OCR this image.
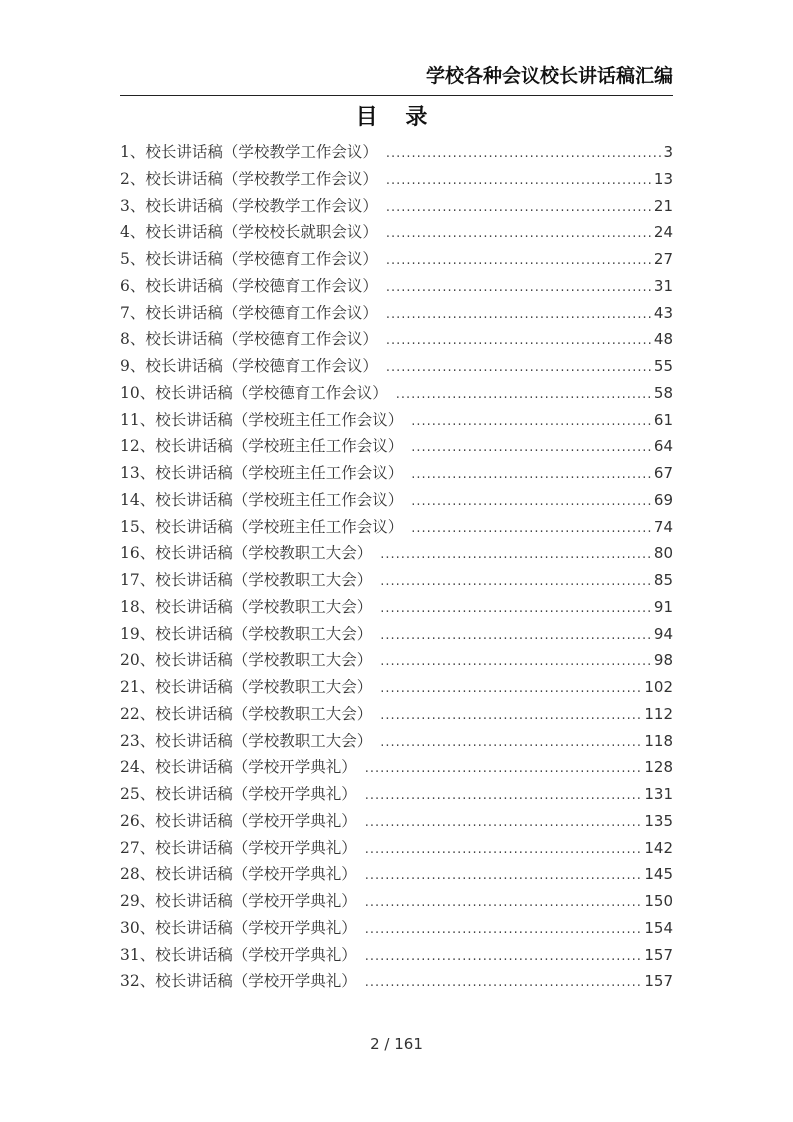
学校各种会议校长讲话稿汇编
目 录
1、 校长讲话稿（学校教学工作会议） .....	3
2、 校长讲话稿（学校教学工作会议） .....	13
3、 校长讲话稿（学校教学工作会议） .....	21
4、 校长讲话稿（学校校长就职会议） .....	24
5、 校长讲话稿（学校德育工作会议） .....	27
6、 校长讲话稿（学校德育工作会议） .....	31
7、 校长讲话稿（学校德育工作会议） .....	43
8、 校长讲话稿（学校德育工作会议） .....	48
9、 校长讲话稿（学校德育工作会议） .....	55
10、 校长讲话稿（学校德育工作会议） .....	58
11、 校长讲话稿（学校班主任工作会议） .....	61
12、 校长讲话稿（学校班主任工作会议） .....	64
13、 校长讲话稿（学校班主任工作会议） .....	67
14、 校长讲话稿（学校班主任工作会议） .....	69
15、 校长讲话稿（学校班主任工作会议） .....	74
16、 校长讲话稿（学校教职工大会） .....	80
17、 校长讲话稿（学校教职工大会） .....	85
18、 校长讲话稿（学校教职工大会） .....	91
19、 校长讲话稿（学校教职工大会） .....	94
20、 校长讲话稿（学校教职工大会） .....	98
21、 校长讲话稿（学校教职工大会） .....	102
22、 校长讲话稿（学校教职工大会） .....	112
23、 校长讲话稿（学校教职工大会） .....	118
24、 校长讲话稿（学校开学典礼） .....	128
25、 校长讲话稿（学校开学典礼） .....	131
26、 校长讲话稿（学校开学典礼） .....	135
27、 校长讲话稿（学校开学典礼） .....	142
28、 校长讲话稿（学校开学典礼） .....	145
29、 校长讲话稿（学校开学典礼） .....	150
30、 校长讲话稿（学校开学典礼） .....	154
31、 校长讲话稿（学校开学典礼） .....	157
32、 校长讲话稿（学校开学典礼） .....	157
2 / 161
